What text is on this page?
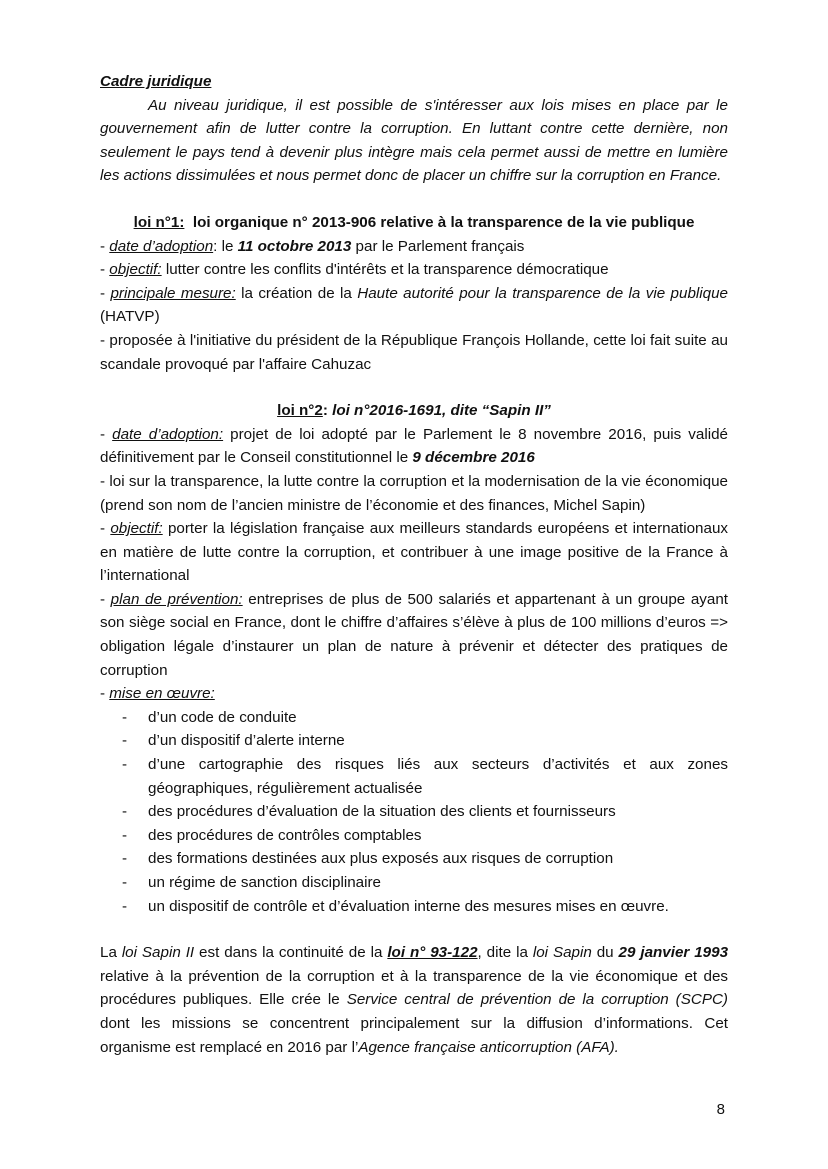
Cadre juridique

Au niveau juridique, il est possible de s'intéresser aux lois mises en place par le gouvernement afin de lutter contre la corruption. En luttant contre cette dernière, non seulement le pays tend à devenir plus intègre mais cela permet aussi de mettre en lumière les actions dissimulées et nous permet donc de placer un chiffre sur la corruption en France.

loi n°1: loi organique n° 2013-906 relative à la transparence de la vie publique

- date d’adoption: le 11 octobre 2013 par le Parlement français

- objectif: lutter contre les conflits d'intérêts et la transparence démocratique

- principale mesure: la création de la Haute autorité pour la transparence de la vie publique (HATVP)

- proposée à l'initiative du président de la République François Hollande, cette loi fait suite au scandale provoqué par l'affaire Cahuzac

loi n°2: loi n°2016-1691, dite “Sapin II”

- date d’adoption: projet de loi adopté par le Parlement le 8 novembre 2016, puis validé définitivement par le Conseil constitutionnel le 9 décembre 2016

- loi sur la transparence, la lutte contre la corruption et la modernisation de la vie économique (prend son nom de l’ancien ministre de l’économie et des finances, Michel Sapin)

- objectif: porter la législation française aux meilleurs standards européens et internationaux en matière de lutte contre la corruption, et contribuer à une image positive de la France à l’international

- plan de prévention: entreprises de plus de 500 salariés et appartenant à un groupe ayant son siège social en France, dont le chiffre d’affaires s’élève à plus de 100 millions d’euros => obligation légale d’instaurer un plan de nature à prévenir et détecter des pratiques de corruption

- mise en œuvre:

- d’un code de conduite
- d’un dispositif d’alerte interne
- d’une cartographie des risques liés aux secteurs d’activités et aux zones géographiques, régulièrement actualisée
- des procédures d’évaluation de la situation des clients et fournisseurs
- des procédures de contrôles comptables
- des formations destinées aux plus exposés aux risques de corruption
- un régime de sanction disciplinaire
- un dispositif de contrôle et d’évaluation interne des mesures mises en œuvre.

La loi Sapin II est dans la continuité de la loi n° 93-122, dite la loi Sapin du 29 janvier 1993 relative à la prévention de la corruption et à la transparence de la vie économique et des procédures publiques. Elle crée le Service central de prévention de la corruption (SCPC) dont les missions se concentrent principalement sur la diffusion d’informations. Cet organisme est remplacé en 2016 par l’Agence française anticorruption (AFA).

8
